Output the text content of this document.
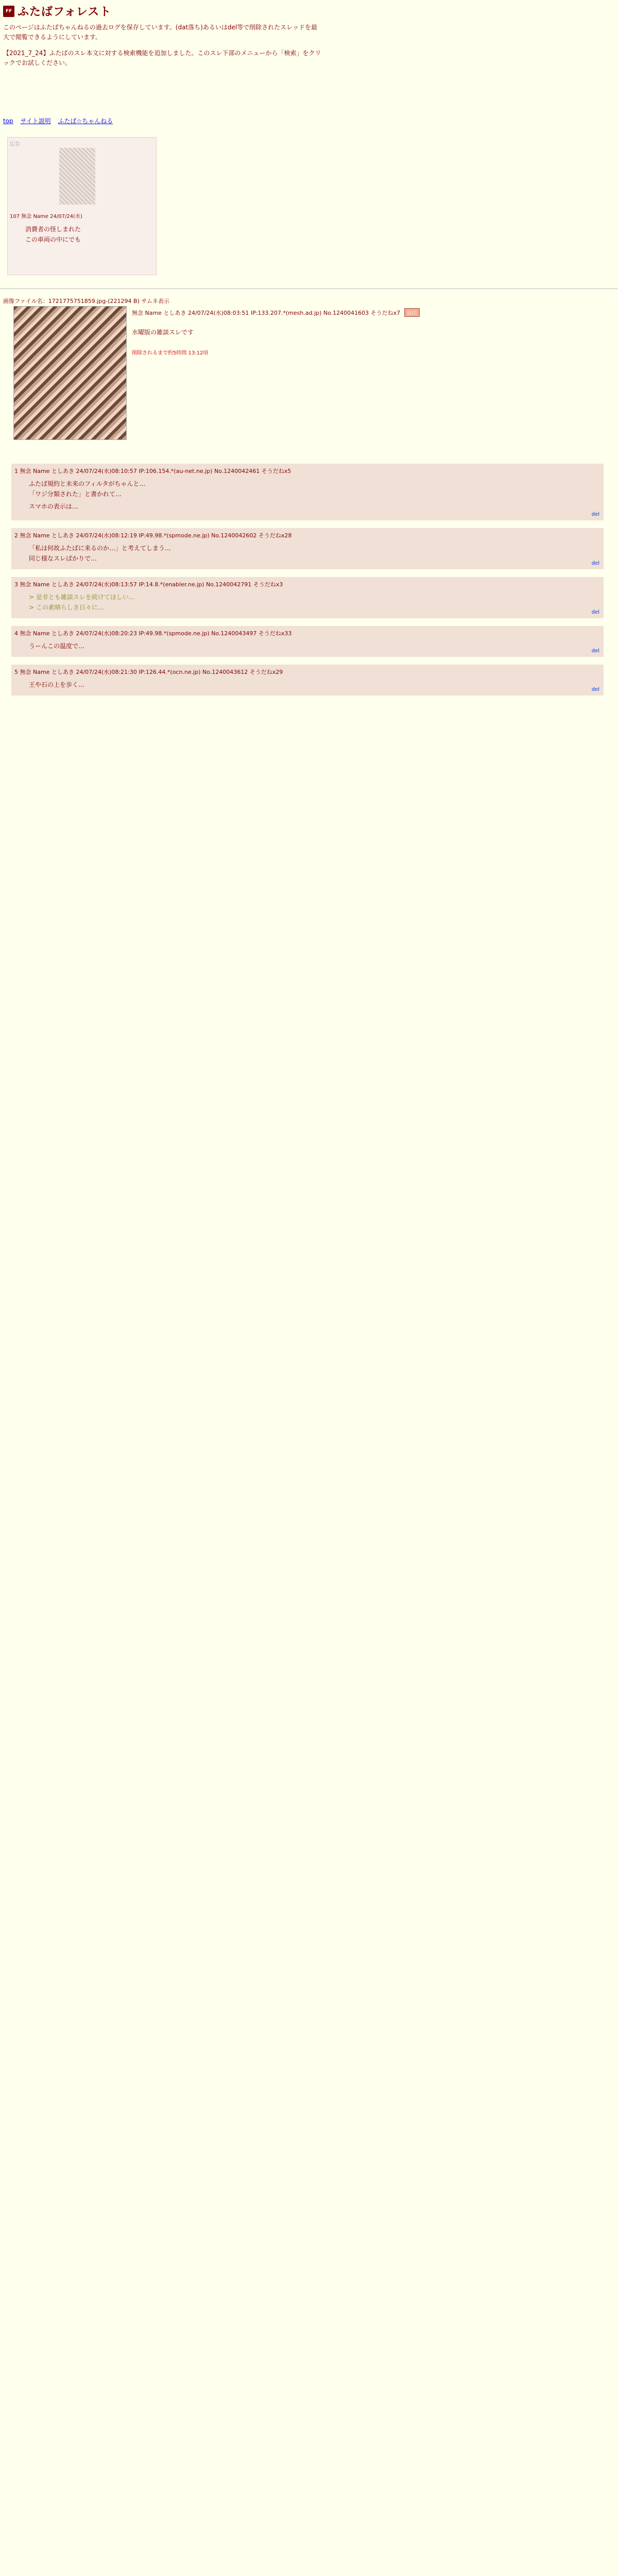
FF ふたばフォレスト

このページはふたばちゃんねるの過去ログを保存しています。(dat落ち)あるいはdel等で削除されたスレッドを最大で閲覧できるようにしています。

【2021_7_24】ふたばのスレ本文に対する検索機能を追加しました。このスレ下部のメニューから「検索」をクリックでお試しください。

top サイト説明 ふたば☆ちゃんねる
広告
107 無念 Name 24/07/24(水)
消費者の怪しまれた
この車両の中にでも
画像ファイル名：1721775751859.jpg-(221294 B) サムネ表示
無念 Name としあき 24/07/24(水)08:03:51 IP:133.207.*(mesh.ad.jp) No.1240041603 そうだねx7 返信
水曜版の雑談スレです
削除されるまで約5時間 13:12頃
1 無念 Name としあき 24/07/24(水)08:10:57 IP:106.154.*(au-net.ne.jp) No.1240042461 そうだねx5
ふたば規約と未来のフィルタがちゃんと…
「ワジ分類された」と書かれて…
スマホの表示は…
del
2 無念 Name としあき 24/07/24(水)08:12:19 IP:49.98.*(spmode.ne.jp) No.1240042602 そうだねx28
「私は何故ふたばに来るのか…」と考えてしまう…
同じ様なスレばかりで…
del
3 無念 Name としあき 24/07/24(水)08:13:57 IP:14.8.*(enabler.ne.jp) No.1240042791 そうだねx3
> 是非とも雑談スレを続けてほしい…
> この素晴らしき日々に…
del
4 無念 Name としあき 24/07/24(水)08:20:23 IP:49.98.*(spmode.ne.jp) No.1240043497 そうだねx33
うーんこの温度で…
del
5 無念 Name としあき 24/07/24(水)08:21:30 IP:126.44.*(ocn.ne.jp) No.1240043612 そうだねx29
王や石の上を歩く…
del
